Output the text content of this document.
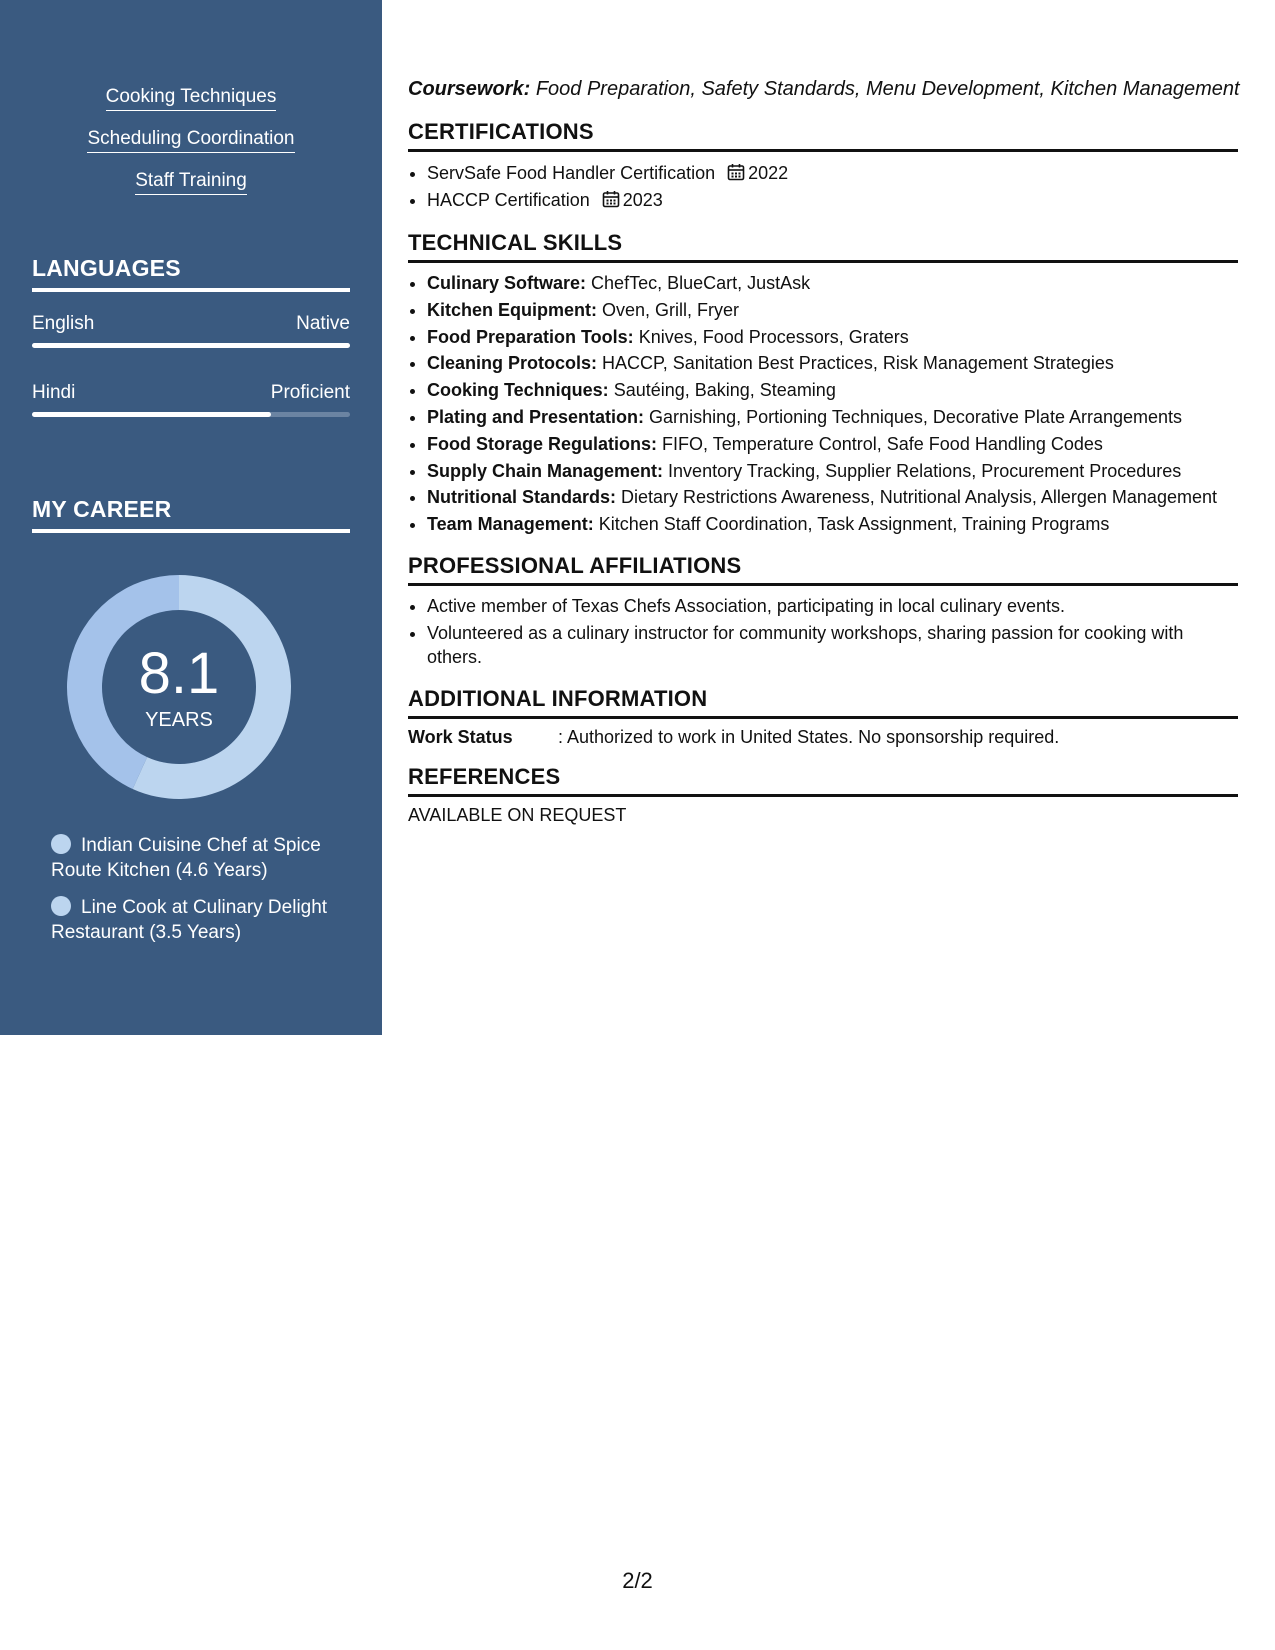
Cooking Techniques
Scheduling Coordination
Staff Training
LANGUAGES
English	Native
Hindi	Proficient
MY CAREER
8.1
YEARS
Indian Cuisine Chef at Spice Route Kitchen (4.6 Years)
Line Cook at Culinary Delight Restaurant (3.5 Years)
Coursework: Food Preparation, Safety Standards, Menu Development, Kitchen Management
CERTIFICATIONS
• ServSafe Food Handler Certification 2022
• HACCP Certification 2023
TECHNICAL SKILLS
• Culinary Software: ChefTec, BlueCart, JustAsk
• Kitchen Equipment: Oven, Grill, Fryer
• Food Preparation Tools: Knives, Food Processors, Graters
• Cleaning Protocols: HACCP, Sanitation Best Practices, Risk Management Strategies
• Cooking Techniques: Sautéing, Baking, Steaming
• Plating and Presentation: Garnishing, Portioning Techniques, Decorative Plate Arrangements
• Food Storage Regulations: FIFO, Temperature Control, Safe Food Handling Codes
• Supply Chain Management: Inventory Tracking, Supplier Relations, Procurement Procedures
• Nutritional Standards: Dietary Restrictions Awareness, Nutritional Analysis, Allergen Management
• Team Management: Kitchen Staff Coordination, Task Assignment, Training Programs
PROFESSIONAL AFFILIATIONS
• Active member of Texas Chefs Association, participating in local culinary events.
• Volunteered as a culinary instructor for community workshops, sharing passion for cooking with others.
ADDITIONAL INFORMATION
Work Status	: Authorized to work in United States. No sponsorship required.
REFERENCES
AVAILABLE ON REQUEST
2/2
